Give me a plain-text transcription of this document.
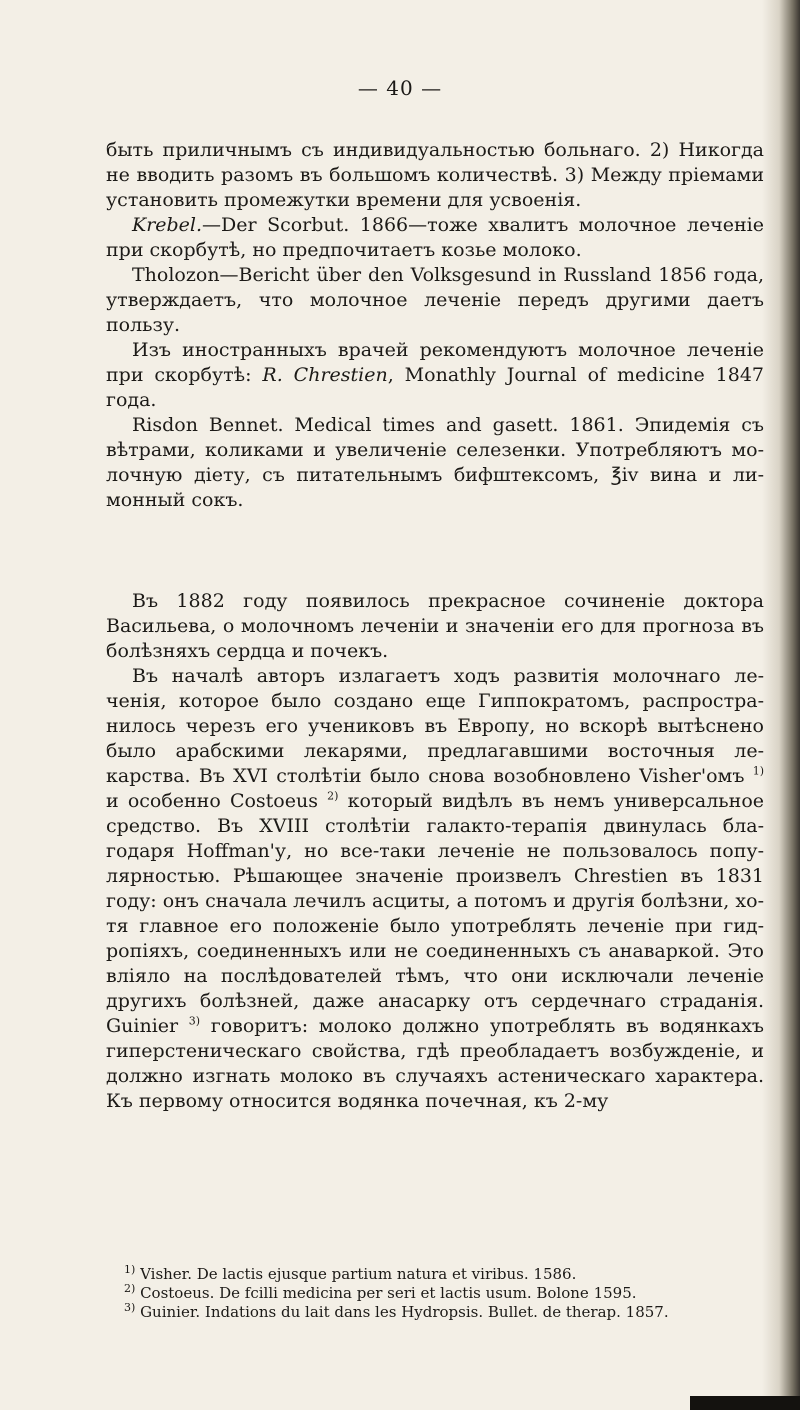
— 40 —

быть приличнымъ съ индивидуальностью больнаго. 2) Никогда не вводить разомъ въ большомъ количествѣ. 3) Между прiемами установить промежутки времени для усвоенiя.

Krebel.—Der Scorbut. 1866—тоже хвалитъ молочное леченiе при скорбутѣ, но предпочитаетъ козье молоко.

Tholozon—Bericht über den Volksgesund in Russland 1856 года, утверждаетъ, что молочное леченiе передъ другими даетъ пользу.

Изъ иностранныхъ врачей рекомендуютъ молочное леченiе при скорбутѣ: R. Chrestien, Monathly Journal of medicine 1847 года.

Risdon Bennet. Medical times and gasett. 1861. Эпидемiя съ вѣтрами, коликами и увеличенiе селезенки. Употребляютъ молочную дiету, съ питательнымъ бифштексомъ, ℥iv вина и лимонный сокъ.

Въ 1882 году появилось прекрасное сочиненiе доктора Васильева, о молочномъ леченiи и значенiи его для прогноза въ болѣзняхъ сердца и почекъ.

Въ началѣ авторъ излагаетъ ходъ развитiя молочнаго леченiя, которое было создано еще Гиппократомъ, распространилось черезъ его учениковъ въ Европу, но вскорѣ вытѣснено было арабскими лекарями, предлагавшими восточныя лекарства. Въ XVI столѣтiи было снова возобновлено Visher'омъ $^{1)}$ и особенно Costoeus $^{2)}$ который видѣлъ въ немъ универсальное средство. Въ XVIII столѣтiи галакто-терапiя двинулась благодаря Hoffman'у, но все-таки леченiе не пользовалось популярностью. Рѣшающее значенiе произвелъ Chrestien въ 1831 году: онъ сначала лечилъ асциты, а потомъ и другiя болѣзни, хотя главное его положенiе было употреблять леченiе при гидропiяхъ, соединенныхъ или не соединенныхъ съ анаваркой. Это влiяло на послѣдователей тѣмъ, что они исключали леченiе другихъ болѣзней, даже анасарку отъ сердечнаго страданiя. Guinier $^{3)}$ говоритъ: молоко должно употреблять въ водянкахъ гиперстеническаго свойства, гдѣ преобладаетъ возбужденiе, и должно изгнать молоко въ случаяхъ астеническаго характера. Къ первому относится водянка почечная, къ 2-му

$^{1)}$ Visher. De lactis ejusque partium natura et viribus. 1586.
$^{2)}$ Costoeus. De fcilli medicina per seri et lactis usum. Bolone 1595.
$^{3)}$ Guinier. Indations du lait dans les Hydropsis. Bullet. de therap. 1857.
